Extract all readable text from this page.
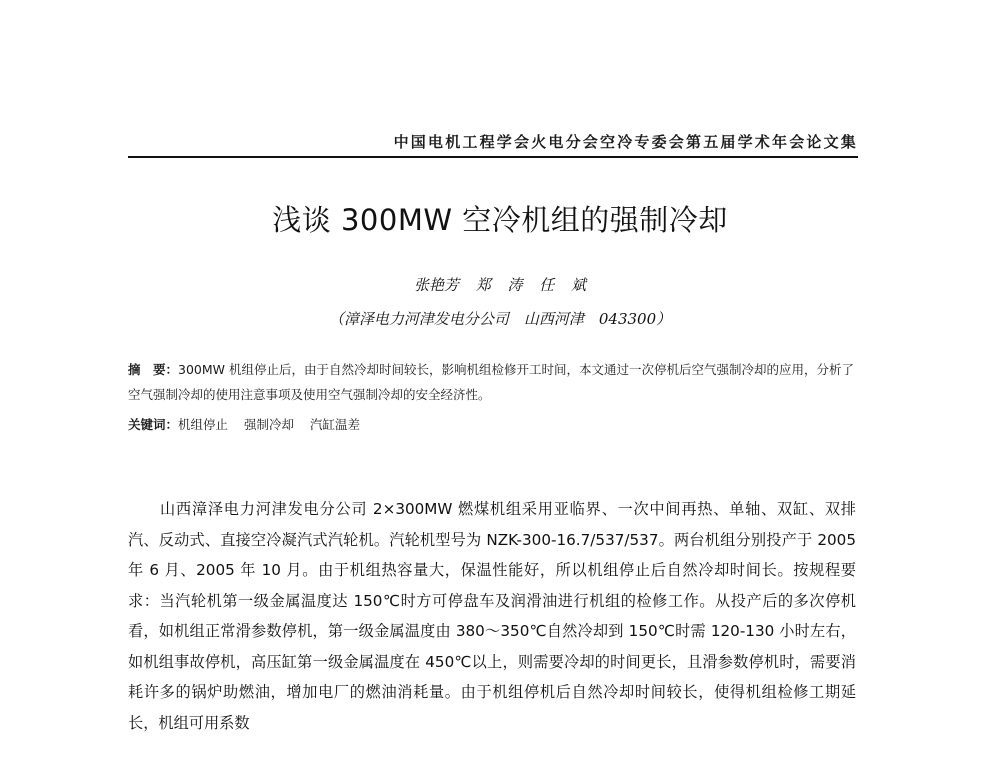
中国电机工程学会火电分会空冷专委会第五届学术年会论文集
浅谈 300MW 空冷机组的强制冷却
张艳芳 郑 涛 任 斌
（漳泽电力河津发电分公司　山西河津　043300）

摘　要：300MW 机组停止后，由于自然冷却时间较长，影响机组检修开工时间，本文通过一次停机后空气强制冷却的应用，分析了空气强制冷却的使用注意事项及使用空气强制冷却的安全经济性。

关键词：机组停止 强制冷却 汽缸温差

山西漳泽电力河津发电分公司 2×300MW 燃煤机组采用亚临界、一次中间再热、单轴、双缸、双排汽、反动式、直接空冷凝汽式汽轮机。汽轮机型号为 NZK-300-16.7/537/537。两台机组分别投产于 2005 年 6 月、2005 年 10 月。由于机组热容量大，保温性能好，所以机组停止后自然冷却时间长。按规程要求：当汽轮机第一级金属温度达 150℃时方可停盘车及润滑油进行机组的检修工作。从投产后的多次停机看，如机组正常滑参数停机，第一级金属温度由 380～350℃自然冷却到 150℃时需 120-130 小时左右，如机组事故停机，高压缸第一级金属温度在 450℃以上，则需要冷却的时间更长，且滑参数停机时，需要消耗许多的锅炉助燃油，增加电厂的燃油消耗量。由于机组停机后自然冷却时间较长，使得机组检修工期延长，机组可用系数
